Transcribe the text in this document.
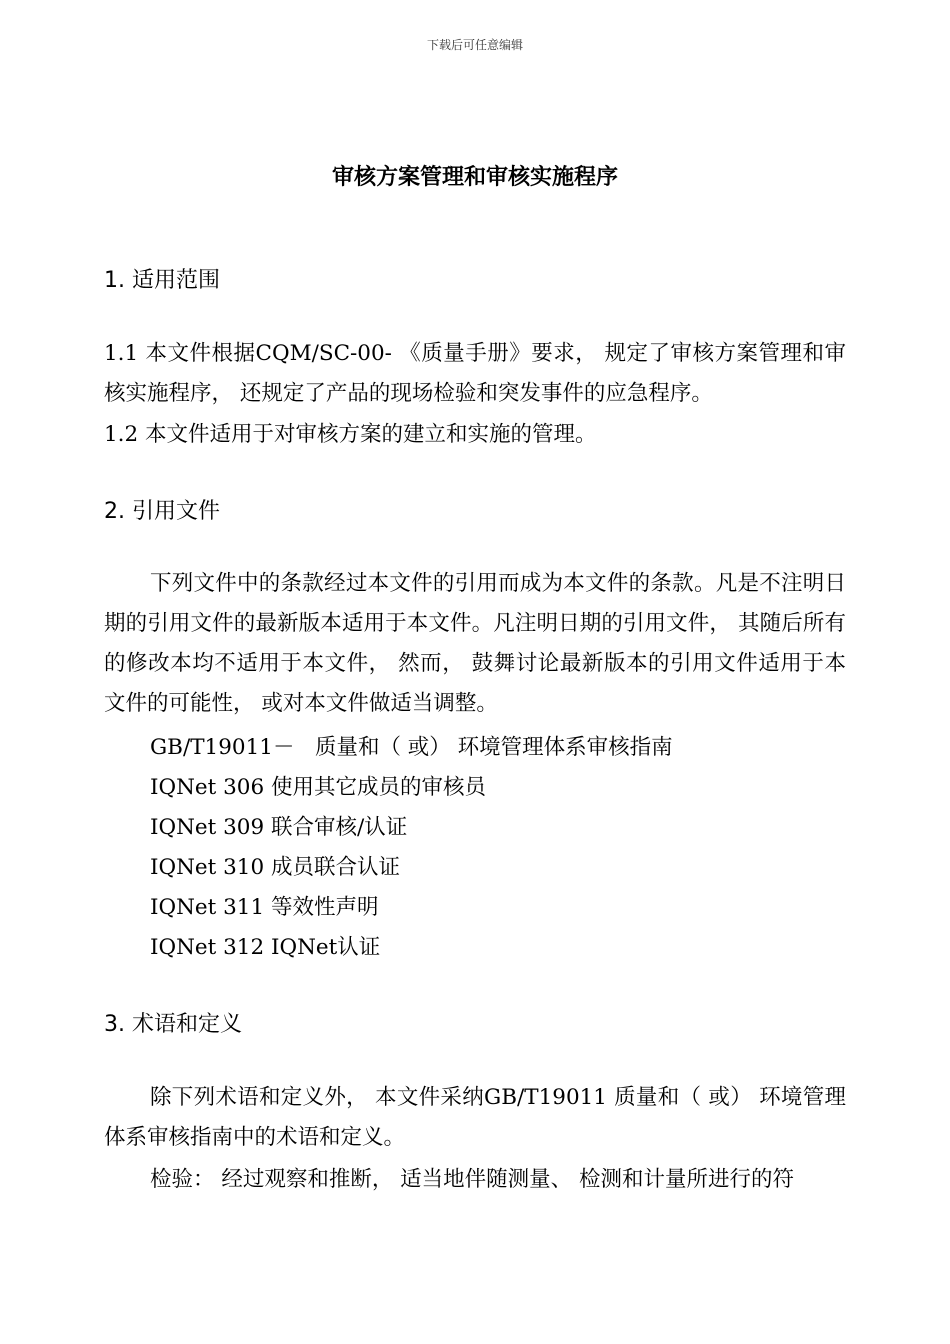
下载后可任意编辑
审核方案管理和审核实施程序
1. 适用范围
1.1 本文件根据CQM/SC-00- 《质量手册》要求， 规定了审核方案管理和审核实施程序， 还规定了产品的现场检验和突发事件的应急程序。
1.2 本文件适用于对审核方案的建立和实施的管理。
2. 引用文件
下列文件中的条款经过本文件的引用而成为本文件的条款。凡是不注明日期的引用文件的最新版本适用于本文件。凡注明日期的引用文件， 其随后所有的修改本均不适用于本文件， 然而， 鼓舞讨论最新版本的引用文件适用于本文件的可能性， 或对本文件做适当调整。
GB/T19011－   质量和（ 或） 环境管理体系审核指南
IQNet 306 使用其它成员的审核员
IQNet 309 联合审核/认证
IQNet 310 成员联合认证
IQNet 311 等效性声明
IQNet 312 IQNet认证
3. 术语和定义
除下列术语和定义外， 本文件采纳GB/T19011 质量和（ 或） 环境管理体系审核指南中的术语和定义。
检验： 经过观察和推断， 适当地伴随测量、 检测和计量所进行的符
